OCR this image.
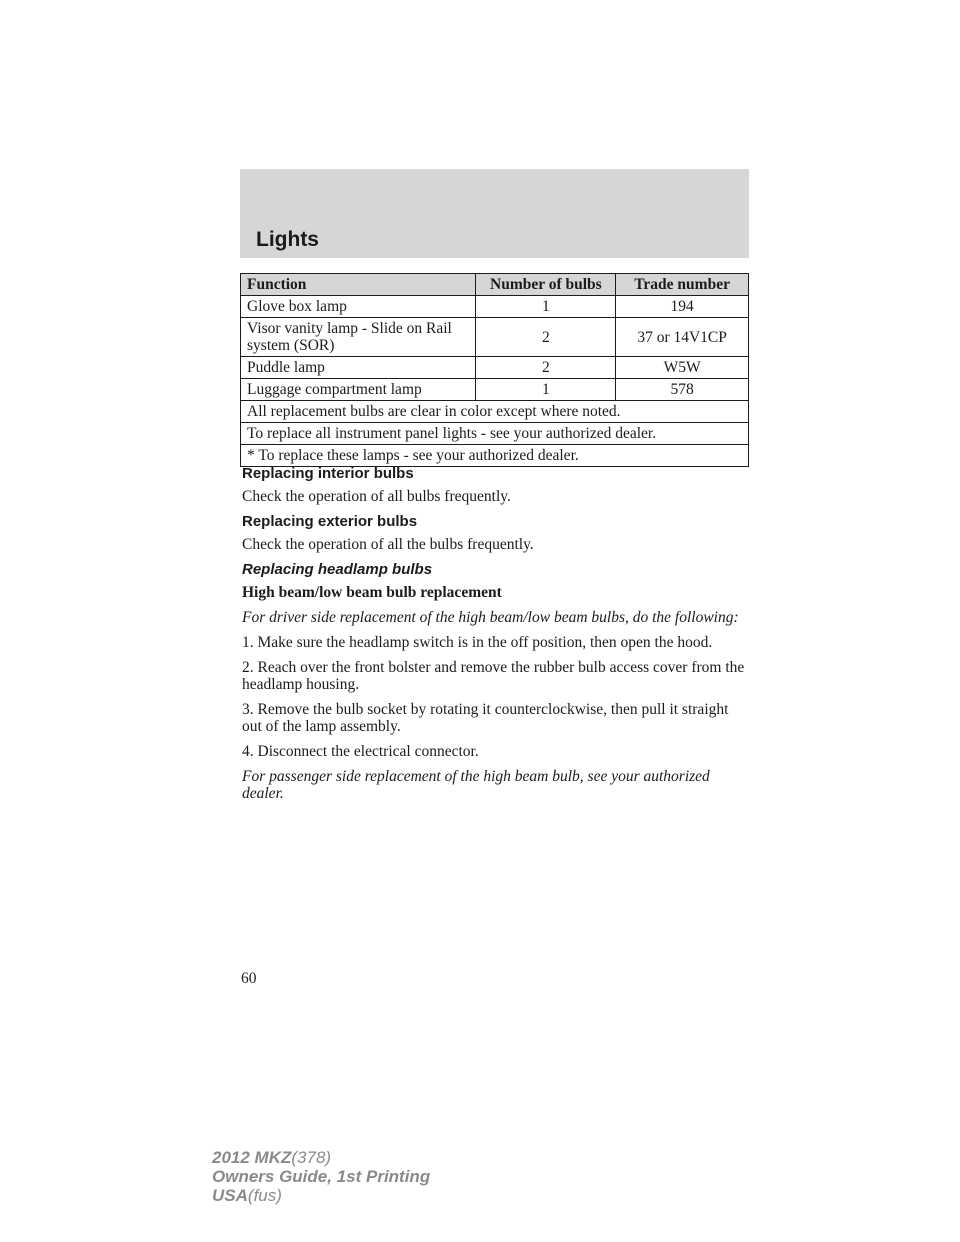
Lights
Function	Number of bulbs	Trade number
Glove box lamp	1	194
Visor vanity lamp - Slide on Rail system (SOR)	2	37 or 14V1CP
Puddle lamp	2	W5W
Luggage compartment lamp	1	578
All replacement bulbs are clear in color except where noted.		
To replace all instrument panel lights - see your authorized dealer.		
* To replace these lamps - see your authorized dealer.		
Replacing interior bulbs

Check the operation of all bulbs frequently.

Replacing exterior bulbs

Check the operation of all the bulbs frequently.

Replacing headlamp bulbs

High beam/low beam bulb replacement

For driver side replacement of the high beam/low beam bulbs, do the following:

1. Make sure the headlamp switch is in the off position, then open the hood.

2. Reach over the front bolster and remove the rubber bulb access cover from the headlamp housing.

3. Remove the bulb socket by rotating it counterclockwise, then pull it straight out of the lamp assembly.

4. Disconnect the electrical connector.

For passenger side replacement of the high beam bulb, see your authorized dealer.

60
2012 MKZ(378)
Owners Guide, 1st Printing
USA(fus)
